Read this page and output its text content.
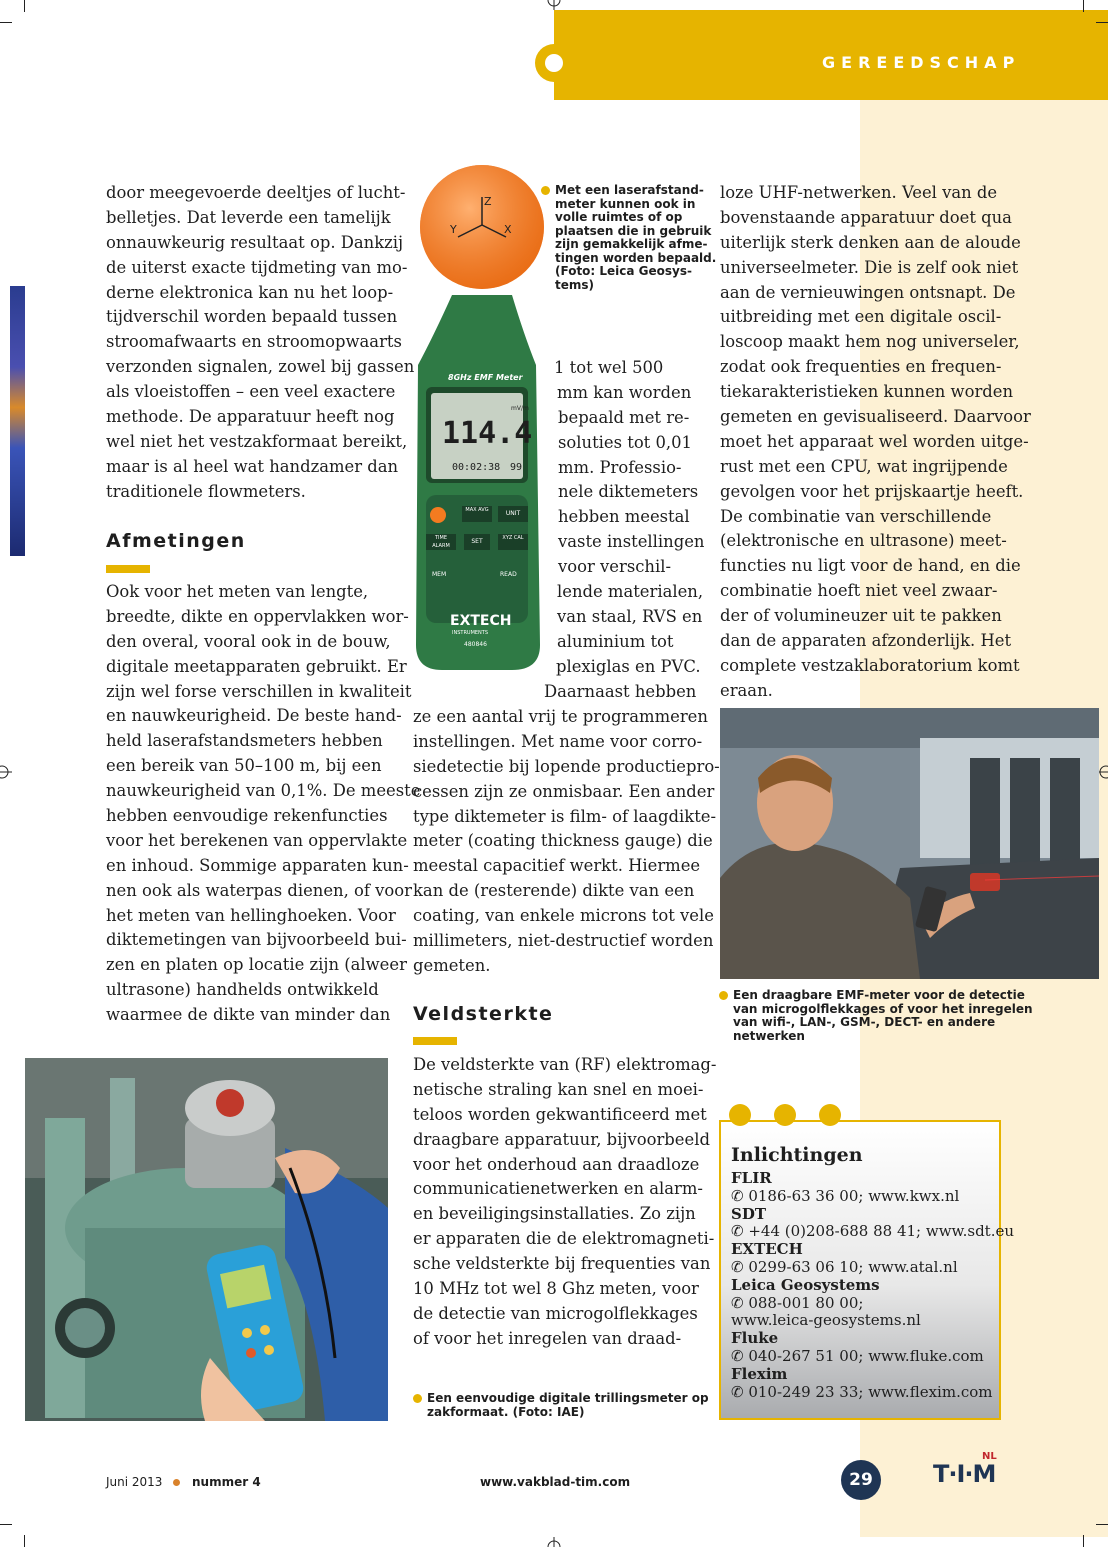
GEREEDSCHAP
door meegevoerde deeltjes of lucht-
belletjes. Dat leverde een tamelijk
onnauwkeurig resultaat op. Dankzij
de uiterst exacte tijdmeting van mo-
derne elektronica kan nu het loop-
tijdverschil worden bepaald tussen
stroomafwaarts en stroomopwaarts
verzonden signalen, zowel bij gassen
als vloeistoffen – een veel exactere
methode. De apparatuur heeft nog
wel niet het vestzakformaat bereikt,
maar is al heel wat handzamer dan
traditionele flowmeters.
Afmetingen
Ook voor het meten van lengte,
breedte, dikte en oppervlakken wor-
den overal, vooral ook in de bouw,
digitale meetapparaten gebruikt. Er
zijn wel forse verschillen in kwaliteit
en nauwkeurigheid. De beste hand-
held laserafstandsmeters hebben
een bereik van 50–100 m, bij een
nauwkeurigheid van 0,1%. De meeste
hebben eenvoudige rekenfuncties
voor het berekenen van oppervlakte
en inhoud. Sommige apparaten kun-
nen ook als waterpas dienen, of voor
het meten van hellinghoeken. Voor
diktemetingen van bijvoorbeeld bui-
zen en platen op locatie zijn (alweer
ultrasone) handhelds ontwikkeld
waarmee de dikte van minder dan
Z
Y	X
8GHz EMF Meter
114.4
mV/m
00:02:38 99
MAX AVG	UNIT
TIME ALARM
SET	XYZ CAL
MEM	READ
EXTECH
INSTRUMENTS
480846
Met een laserafstand-
meter kunnen ook in
volle ruimtes of op
plaatsen die in gebruik
zijn gemakkelijk afme-
tingen worden bepaald.
(Foto: Leica Geosys-
tems)
1 tot wel 500
mm kan worden
bepaald met re-
soluties tot 0,01
mm. Professio-
nele diktemeters
hebben meestal
vaste instellingen
voor verschil-
lende materialen,
van staal, RVS en
aluminium tot
plexiglas en PVC.
Daarnaast hebben
ze een aantal vrij te programmeren
instellingen. Met name voor corro-
siedetectie bij lopende productiepro-
cessen zijn ze onmisbaar. Een ander
type diktemeter is film- of laagdikte-
meter (coating thickness gauge) die
meestal capacitief werkt. Hiermee
kan de (resterende) dikte van een
coating, van enkele microns tot vele
millimeters, niet-destructief worden
gemeten.
Veldsterkte
De veldsterkte van (RF) elektromag-
netische straling kan snel en moei-
teloos worden gekwantificeerd met
draagbare apparatuur, bijvoorbeeld
voor het onderhoud aan draadloze
communicatienetwerken en alarm-
en beveiligingsinstallaties. Zo zijn
er apparaten die de elektromagneti-
sche veldsterkte bij frequenties van
10 MHz tot wel 8 Ghz meten, voor
de detectie van microgolflekkages
of voor het inregelen van draad-
Een eenvoudige digitale trillingsmeter op
zakformaat. (Foto: IAE)
loze UHF-netwerken. Veel van de
bovenstaande apparatuur doet qua
uiterlijk sterk denken aan de aloude
universeelmeter. Die is zelf ook niet
aan de vernieuwingen ontsnapt. De
uitbreiding met een digitale oscil-
loscoop maakt hem nog universeler,
zodat ook frequenties en frequen-
tiekarakteristieken kunnen worden
gemeten en gevisualiseerd. Daarvoor
moet het apparaat wel worden uitge-
rust met een CPU, wat ingrijpende
gevolgen voor het prijskaartje heeft.
De combinatie van verschillende
(elektronische en ultrasone) meet-
functies nu ligt voor de hand, en die
combinatie hoeft niet veel zwaar-
der of volumineuzer uit te pakken
dan de apparaten afzonderlijk. Het
complete vestzaklaboratorium komt
eraan.
Een draagbare EMF-meter voor de detectie
van microgolflekkages of voor het inregelen
van wifi-, LAN-, GSM-, DECT- en andere
netwerken
Inlichtingen
FLIR
✆ 0186-63 36 00; www.kwx.nl
SDT
✆ +44 (0)208-688 88 41; www.sdt.eu
EXTECH
✆ 0299-63 06 10; www.atal.nl
Leica Geosystems
✆ 088-001 80 00;
www.leica-geosystems.nl
Fluke
✆ 040-267 51 00; www.fluke.com
Flexim
✆ 010-249 23 33; www.flexim.com
Juni 2013 nummer 4	www.vakblad-tim.com	29	T·I·M
NL
